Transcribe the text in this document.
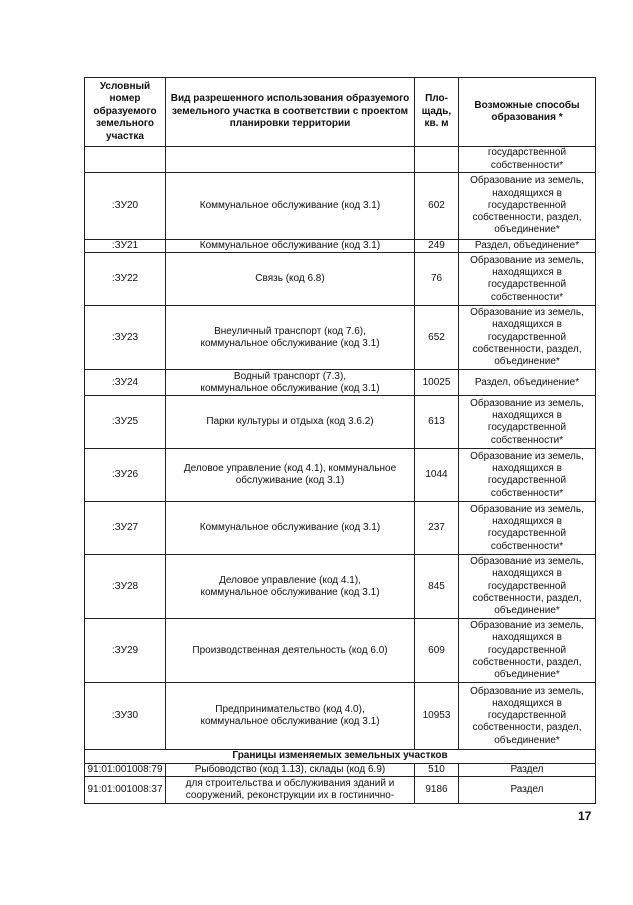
Условный номер образуемого земельного участка	Вид разрешенного использования образуемого земельного участка в соответствии с проектом планировки территории	Пло-щадь, кв. м	Возможные способы образования *

		государственной собственности*
:ЗУ20	Коммунальное обслуживание (код 3.1)	602	Образование из земель, находящихся в государственной собственности, раздел, объединение*
:ЗУ21	Коммунальное обслуживание (код 3.1)	249	Раздел, объединение*
:ЗУ22	Связь (код 6.8)	76	Образование из земель, находящихся в государственной собственности*
:ЗУ23	Внеуличный транспорт (код 7.6),
коммунальное обслуживание (код 3.1)	652	Образование из земель, находящихся в государственной собственности, раздел, объединение*
:ЗУ24	Водный транспорт (7.3),
коммунальное обслуживание (код 3.1)	10025	Раздел, объединение*
:ЗУ25	Парки культуры и отдыха (код 3.6.2)	613	Образование из земель, находящихся в государственной собственности*
:ЗУ26	Деловое управление (код 4.1), коммунальное
обслуживание (код 3.1)	1044	Образование из земель, находящихся в государственной собственности*
:ЗУ27	Коммунальное обслуживание (код 3.1)	237	Образование из земель, находящихся в государственной собственности*
:ЗУ28	Деловое управление (код 4.1),
коммунальное обслуживание (код 3.1)	845	Образование из земель, находящихся в государственной собственности, раздел, объединение*
:ЗУ29	Производственная деятельность (код 6.0)	609	Образование из земель, находящихся в государственной собственности, раздел, объединение*
:ЗУ30	Предпринимательство (код 4.0),
коммунальное обслуживание (код 3.1)	10953	Образование из земель, находящихся в государственной собственности, раздел, объединение*
Границы изменяемых земельных участков			
91:01:001008:79	Рыбоводство (код 1.13), склады (код 6.9)	510	Раздел
91:01:001008:37	для строительства и обслуживания зданий и
сооружений, реконструкции их в гостинично-	9186	Раздел
17
